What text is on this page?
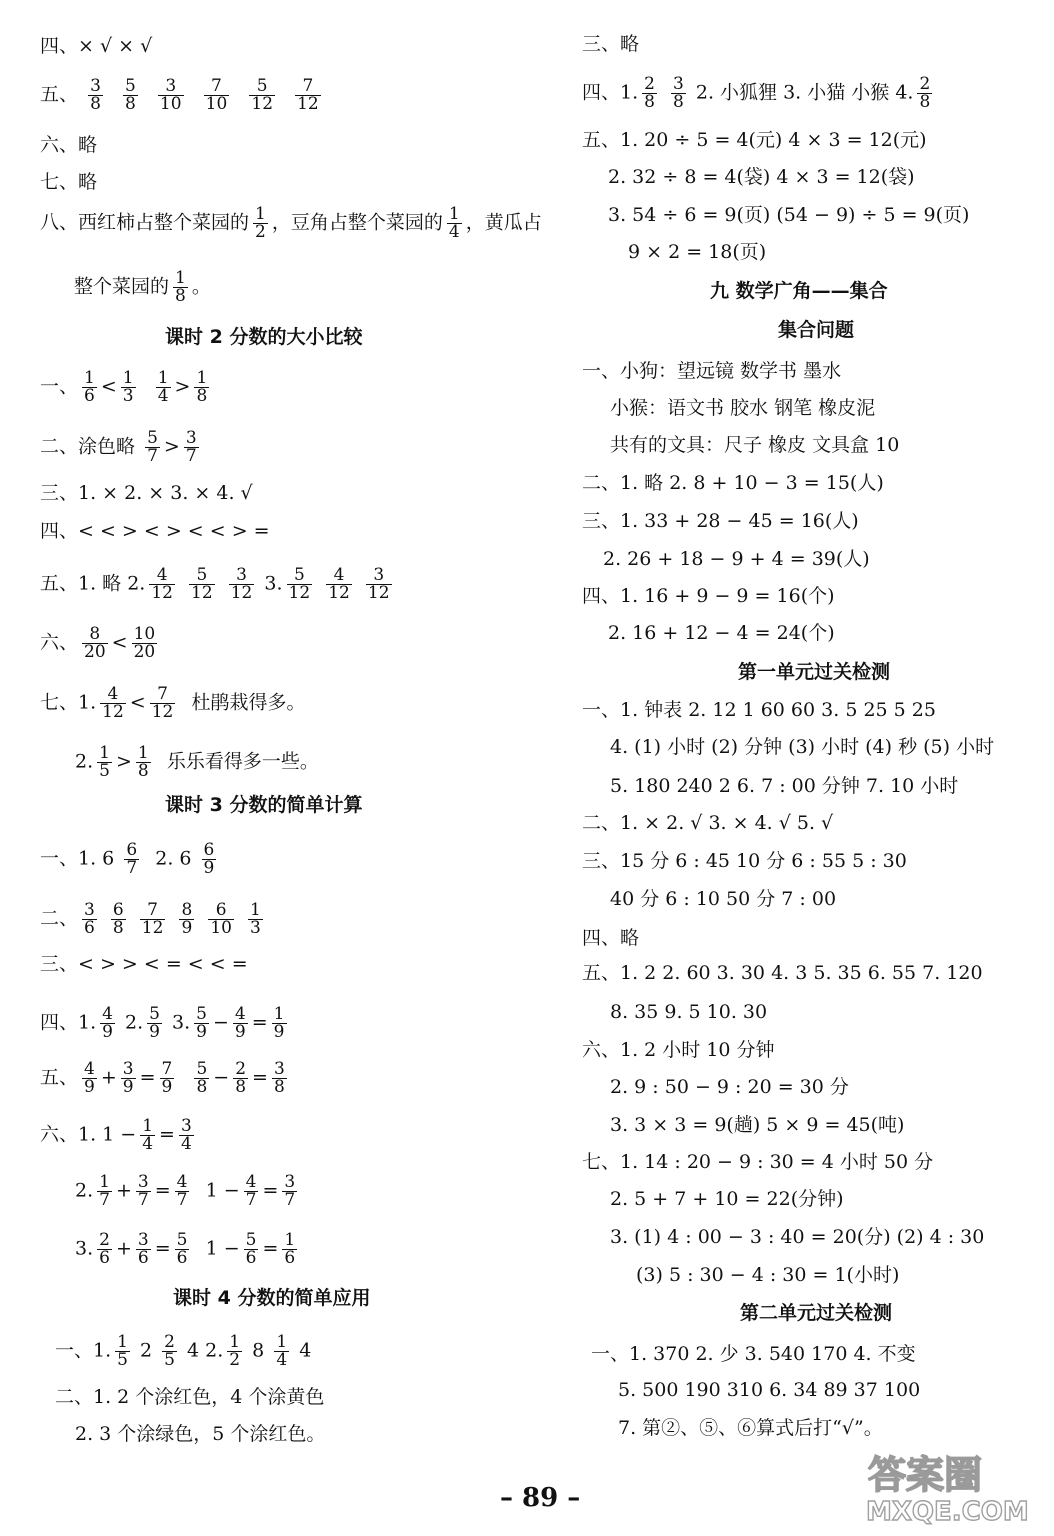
四、× √ × √
五、 $\frac{3}{8}$
$\frac{5}{8}$
$\frac{3}{10}$
$\frac{7}{10}$
$\frac{5}{12}$
$\frac{7}{12}$
六、略
七、略
八、西红柿占整个菜园的 $\frac{1}{2}$ ，豆角占整个菜园的 $\frac{1}{4}$ ，黄瓜占
整个菜园的 $\frac{1}{8}$ 。
课时 2 分数的大小比较
一、 $\frac{1}{6} < \frac{1}{3}$
$\frac{1}{4} > \frac{1}{8}$
二、涂色略 $\frac{5}{7} > \frac{3}{7}$
三、1. × 2. × 3. × 4. √
四、< < > < > < < > =
五、1. 略 2. $\frac{4}{12}$
$\frac{5}{12}$
$\frac{3}{12} 3$. $\frac{5}{12}$
$\frac{4}{12}$
$\frac{3}{12}$
六、 $\frac{8}{20} < \frac{10}{20}$
七、1. $\frac{4}{12} < \frac{7}{12}$ 杜鹃栽得多。
2. $\frac{1}{5} > \frac{1}{8}$ 乐乐看得多一些。
课时 3 分数的简单计算
一、1. $6 \frac{6}{7} 2$. $6 \frac{6}{9}$
二、 $\frac{3}{6}$
$\frac{6}{8}$
$\frac{7}{12}$
$\frac{8}{9}$
$\frac{6}{10}$
$\frac{1}{3}$
三、< > > < = < < =
四、1. $\frac{4}{9} 2$. $\frac{5}{9} 3$. $\frac{5}{9} - \frac{4}{9} = \frac{1}{9}$
五、 $\frac{4}{9} + \frac{3}{9} = \frac{7}{9}$
$\frac{5}{8} - \frac{2}{8} = \frac{3}{8}$
六、1. $1 - \frac{1}{4} = \frac{3}{4}$
2. $\frac{1}{7} + \frac{3}{7} = \frac{4}{7} 1 - \frac{4}{7} = \frac{3}{7}$
3. $\frac{2}{6} + \frac{3}{6} = \frac{5}{6} 1 - \frac{5}{6} = \frac{1}{6}$
课时 4 分数的简单应用
一、1. $\frac{1}{5} 2 \frac{2}{5} 4$ 2. $\frac{1}{2} 8 \frac{1}{4} 4$
二、1. 2 个涂红色，4 个涂黄色
2. 3 个涂绿色，5 个涂红色。
三、略
四、1. $\frac{2}{8}$
$\frac{3}{8} 2$. 小狐狸 3. 小猫 小猴 4. $\frac{2}{8}$
五、1. 20 ÷ 5 = 4(元) 4 × 3 = 12(元)
2. 32 ÷ 8 = 4(袋) 4 × 3 = 12(袋)
3. 54 ÷ 6 = 9(页) (54 − 9) ÷ 5 = 9(页)
9 × 2 = 18(页)
九 数学广角——集合
集合问题
一、小狗：望远镜 数学书 墨水
小猴：语文书 胶水 钢笔 橡皮泥
共有的文具：尺子 橡皮 文具盒 10
二、1. 略 2. 8 + 10 − 3 = 15(人)
三、1. 33 + 28 − 45 = 16(人)
2. 26 + 18 − 9 + 4 = 39(人)
四、1. 16 + 9 − 9 = 16(个)
2. 16 + 12 − 4 = 24(个)
第一单元过关检测
一、1. 钟表 2. 12 1 60 60 3. 5 25 5 25
4. (1) 小时 (2) 分钟 (3) 小时 (4) 秒 (5) 小时
5. 180 240 2 6. 7 : 00 分钟 7. 10 小时
二、1. × 2. √ 3. × 4. √ 5. √
三、15 分 6 : 45 10 分 6 : 55 5 : 30
40 分 6 : 10 50 分 7 : 00
四、略
五、1. 2 2. 60 3. 30 4. 3 5. 35 6. 55 7. 120
8. 35 9. 5 10. 30
六、1. 2 小时 10 分钟
2. 9 : 50 − 9 : 20 = 30 分
3. 3 × 3 = 9(趟) 5 × 9 = 45(吨)
七、1. 14 : 20 − 9 : 30 = 4 小时 50 分
2. 5 + 7 + 10 = 22(分钟)
3. (1) 4 : 00 − 3 : 40 = 20(分) (2) 4 : 30
(3) 5 : 30 − 4 : 30 = 1(小时)
第二单元过关检测
一、1. 370 2. 少 3. 540 170 4. 不变
5. 500 190 310 6. 34 89 37 100
7. 第②、⑤、⑥算式后打“√”。
– 89 –
答案圈
MXQE.COM
